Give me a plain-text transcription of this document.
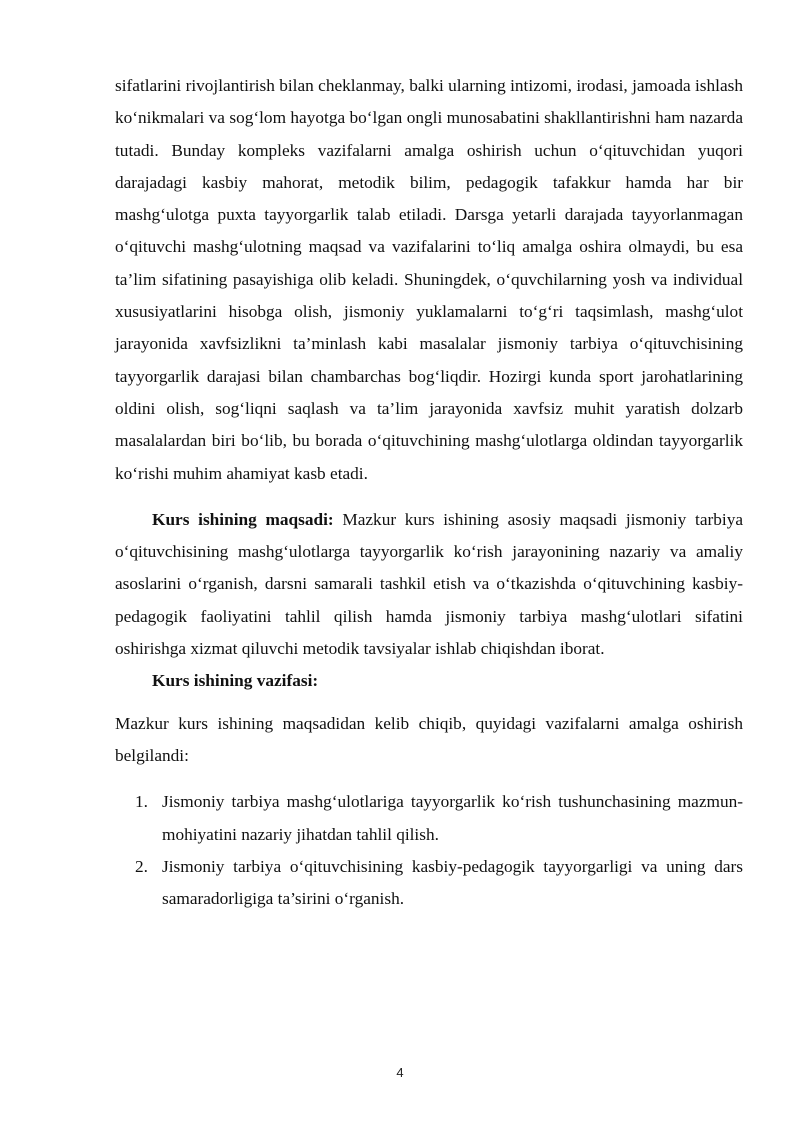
sifatlarini rivojlantirish bilan cheklanmay, balki ularning intizomi, irodasi, jamoada ishlash ko‘nikmalari va sog‘lom hayotga bo‘lgan ongli munosabatini shakllantirishni ham nazarda tutadi. Bunday kompleks vazifalarni amalga oshirish uchun o‘qituvchidan yuqori darajadagi kasbiy mahorat, metodik bilim, pedagogik tafakkur hamda har bir mashg‘ulotga puxta tayyorgarlik talab etiladi. Darsga yetarli darajada tayyorlanmagan o‘qituvchi mashg‘ulotning maqsad va vazifalarini to‘liq amalga oshira olmaydi, bu esa ta’lim sifatining pasayishiga olib keladi. Shuningdek, o‘quvchilarning yosh va individual xususiyatlarini hisobga olish, jismoniy yuklamalarni to‘g‘ri taqsimlash, mashg‘ulot jarayonida xavfsizlikni ta’minlash kabi masalalar jismoniy tarbiya o‘qituvchisining tayyorgarlik darajasi bilan chambarchas bog‘liqdir. Hozirgi kunda sport jarohatlarining oldini olish, sog‘liqni saqlash va ta’lim jarayonida xavfsiz muhit yaratish dolzarb masalalardan biri bo‘lib, bu borada o‘qituvchining mashg‘ulotlarga oldindan tayyorgarlik ko‘rishi muhim ahamiyat kasb etadi.

Kurs ishining maqsadi: Mazkur kurs ishining asosiy maqsadi jismoniy tarbiya o‘qituvchisining mashg‘ulotlarga tayyorgarlik ko‘rish jarayonining nazariy va amaliy asoslarini o‘rganish, darsni samarali tashkil etish va o‘tkazishda o‘qituvchining kasbiy-pedagogik faoliyatini tahlil qilish hamda jismoniy tarbiya mashg‘ulotlari sifatini oshirishga xizmat qiluvchi metodik tavsiyalar ishlab chiqishdan iborat.

Kurs ishining vazifasi:

Mazkur kurs ishining maqsadidan kelib chiqib, quyidagi vazifalarni amalga oshirish belgilandi:

1. Jismoniy tarbiya mashg‘ulotlariga tayyorgarlik ko‘rish tushunchasining mazmun-mohiyatini nazariy jihatdan tahlil qilish.
2. Jismoniy tarbiya o‘qituvchisining kasbiy-pedagogik tayyorgarligi va uning dars samaradorligiga ta’sirini o‘rganish.
4
